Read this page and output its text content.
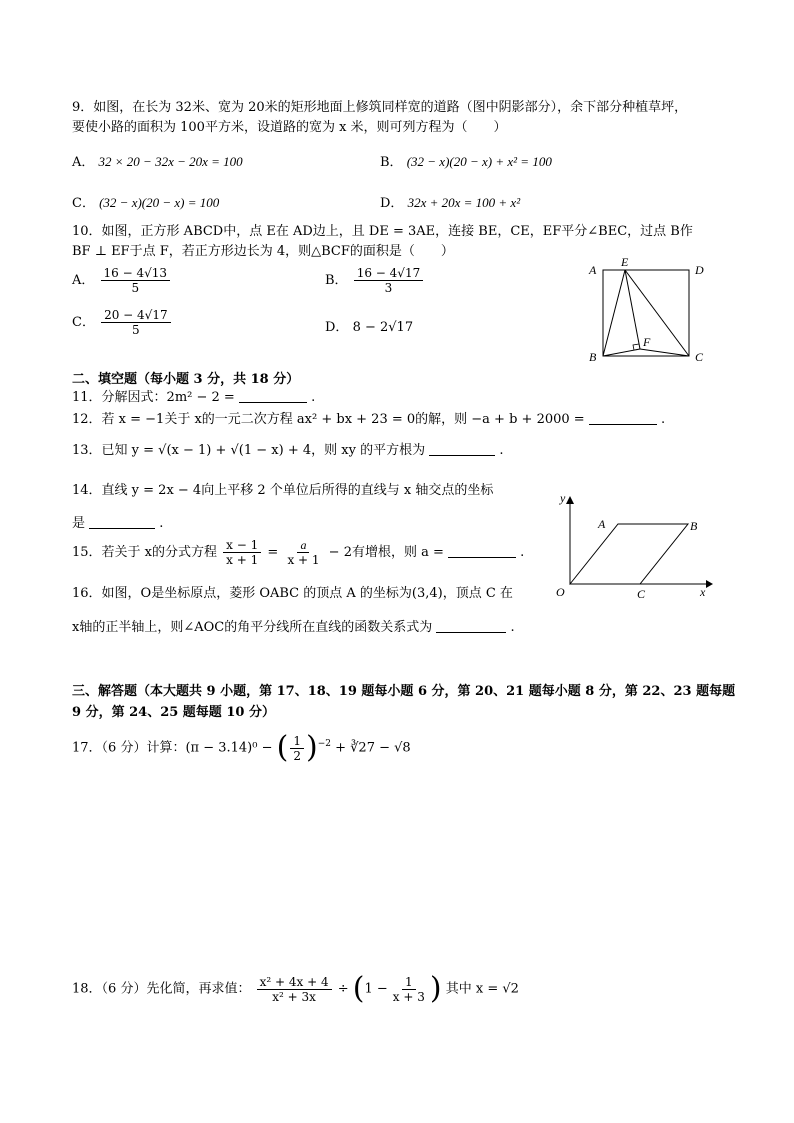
9．如图，在长为 32米、宽为 20米的矩形地面上修筑同样宽的道路（图中阴影部分），余下部分种植草坪，
要使小路的面积为 100平方米，设道路的宽为 x 米，则可列方程为（　　）
A． 32 × 20 − 32x − 20x = 100	B． (32 − x)(20 − x) + x² = 100
C． (32 − x)(20 − x) = 100	D． 32x + 20x = 100 + x²
10．如图，正方形 ABCD中，点 E在 AD边上，且 DE = 3AE，连接 BE，CE，EF平分∠BEC，过点 B作
BF ⊥ EF于点 F，若正方形边长为 4，则△BCF的面积是（　　）
A． $\frac{16 - 4√13}{5}$	B． $\frac{16 - 4√17}{3}$
C． $\frac{20 - 4√17}{5}$	D． 8 − 2√17
A
E
D
F
B	C
二、填空题（每小题 3 分，共 18 分）
11．分解因式：2m² − 2 =	.
12．若 x = −1关于 x的一元二次方程 ax² + bx + 23 = 0的解，则 −a + b + 2000 =	.
13．已知 y = √(x − 1) + √(1 − x) + 4，则 xy 的平方根为	.
14．直线 y = 2x − 4向上平移 2 个单位后所得的直线与 x 轴交点的坐标
是	.
15．若关于 x的分式方程 $\frac{x - 1}{x + 1} = \frac{a}{x + 1} - 2$有增根，则 a =	.
16．如图，O是坐标原点，菱形 OABC 的顶点 A 的坐标为(3,4)，顶点 C 在
x轴的正半轴上，则∠AOC的角平分线所在直线的函数关系式为	.
y
A	B
O	C	x
三、解答题（本大题共 9 小题，第 17、18、19 题每小题 6 分，第 20、21 题每小题 8 分，第 22、23 题每题
9 分，第 24、25 题每题 10 分）
17．（6 分）计算：(π − 3.14)⁰ − ( $\frac{1}{2} )^{-2}$ + ∛27 − √8
18．（6 分）先化简，再求值： $\frac{\text{x² + 4x + 4}}{\text{x² + 3x}} \div (1 - \frac{1}{x + 3}$ ) 其中 x = √2
